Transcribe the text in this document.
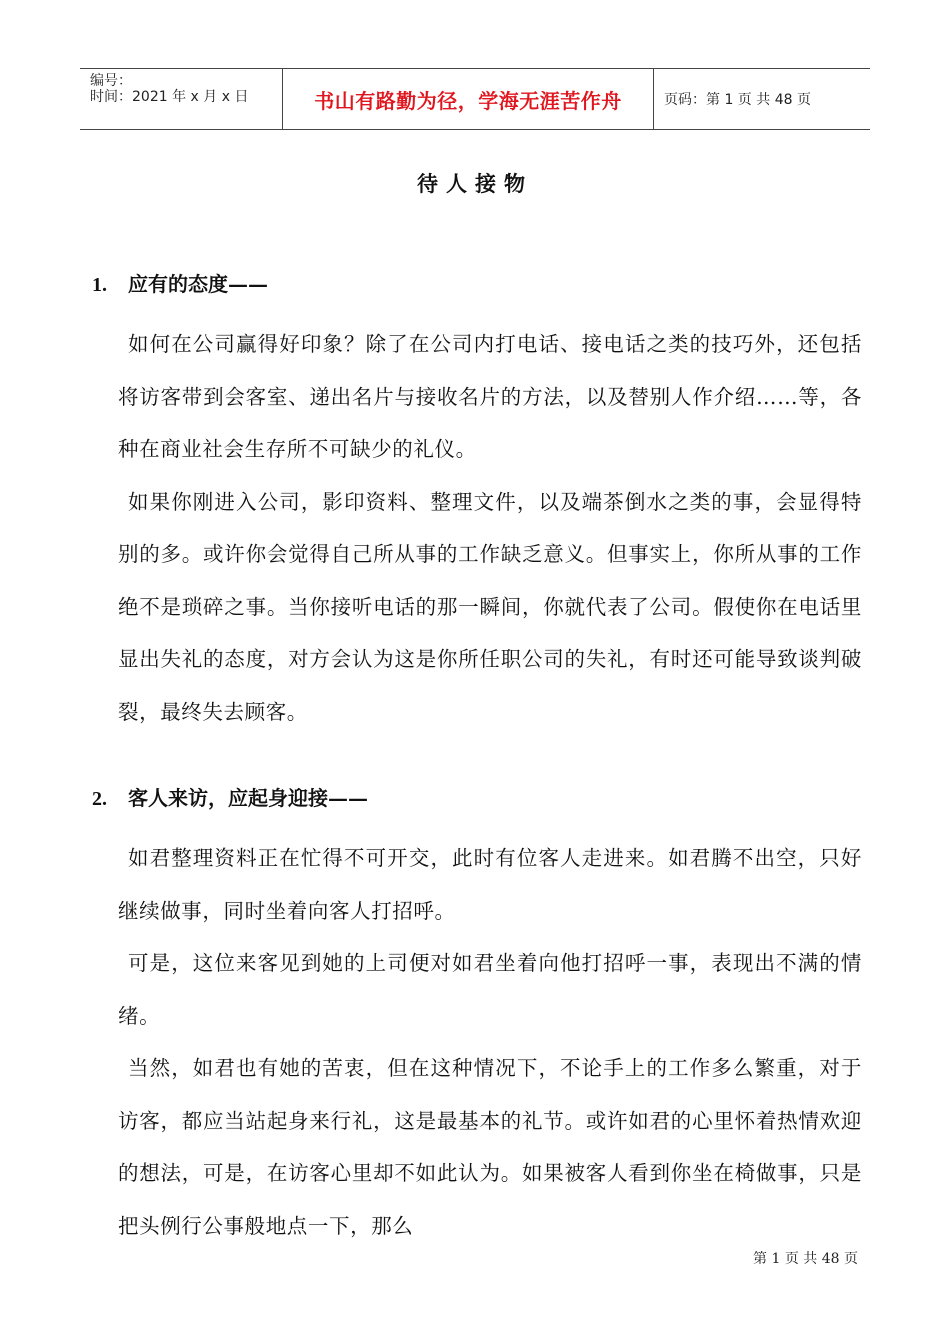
编号：
时间：2021 年 x 月 x 日	书山有路勤为径，学海无涯苦作舟	页码：第 1 页 共 48 页
待人接物
1. 应有的态度——
如何在公司赢得好印象？除了在公司内打电话、接电话之类的技巧外，还包括将访客带到会客室、递出名片与接收名片的方法，以及替别人作介绍……等，各种在商业社会生存所不可缺少的礼仪。
如果你刚进入公司，影印资料、整理文件，以及端茶倒水之类的事，会显得特别的多。或许你会觉得自己所从事的工作缺乏意义。但事实上，你所从事的工作绝不是琐碎之事。当你接听电话的那一瞬间，你就代表了公司。假使你在电话里显出失礼的态度，对方会认为这是你所任职公司的失礼，有时还可能导致谈判破裂，最终失去顾客。
2. 客人来访，应起身迎接——
如君整理资料正在忙得不可开交，此时有位客人走进来。如君腾不出空，只好继续做事，同时坐着向客人打招呼。
可是，这位来客见到她的上司便对如君坐着向他打招呼一事，表现出不满的情绪。
当然，如君也有她的苦衷，但在这种情况下，不论手上的工作多么繁重，对于访客，都应当站起身来行礼，这是最基本的礼节。或许如君的心里怀着热情欢迎的想法，可是，在访客心里却不如此认为。如果被客人看到你坐在椅做事，只是把头例行公事般地点一下，那么
第 1 页 共 48 页
